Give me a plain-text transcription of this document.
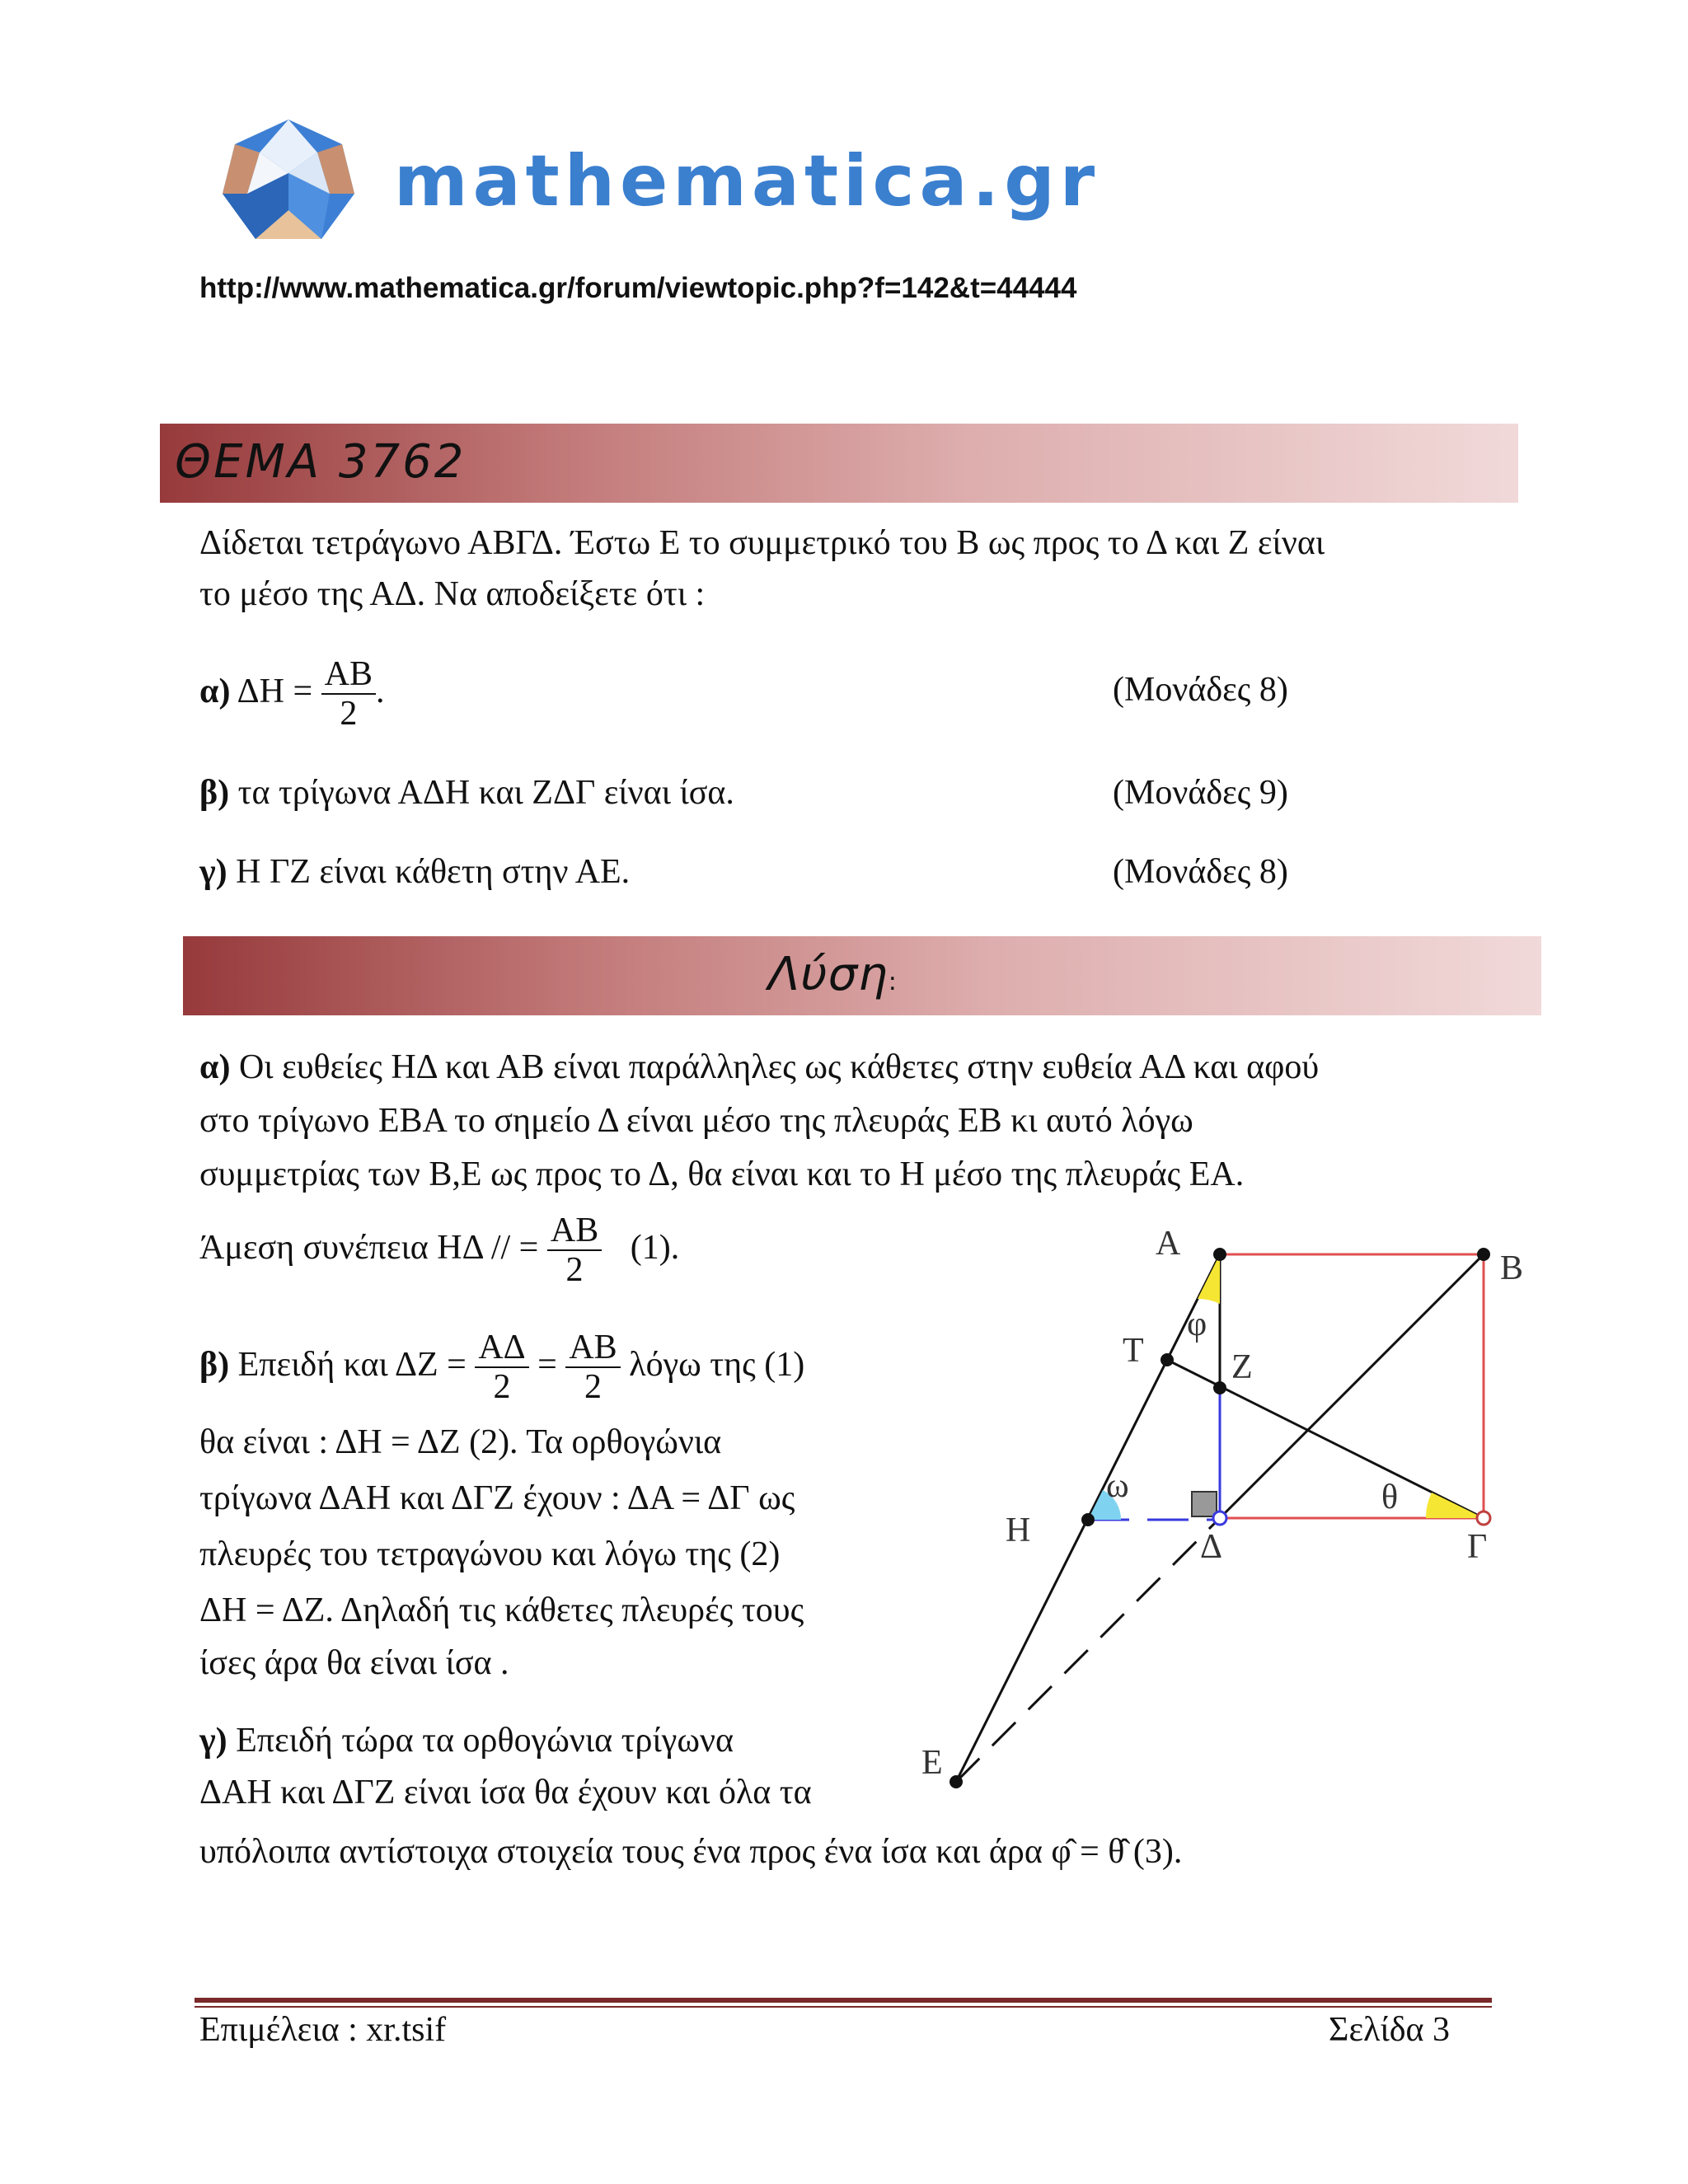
mathematica.gr
http://www.mathematica.gr/forum/viewtopic.php?f=142&t=44444
ΘΕΜΑ 3762
Δίδεται τετράγωνο ΑΒΓΔ. Έστω Ε το συμμετρικό του Β ως προς το Δ και Ζ είναι
το μέσο της ΑΔ. Να αποδείξετε ότι :
α) $\Delta H = \frac{AB}{2}$ .	(Μονάδες 8)
β) τα τρίγωνα ΑΔΗ και ΖΔΓ είναι ίσα.	(Μονάδες 9)
γ) Η ΓΖ είναι κάθετη στην ΑΕ.	(Μονάδες 8)
Λύση:
α) Οι ευθείες ΗΔ και ΑΒ είναι παράλληλες ως κάθετες στην ευθεία ΑΔ και αφού
στο τρίγωνο ΕΒΑ το σημείο Δ είναι μέσο της πλευράς ΕΒ κι αυτό λόγω
συμμετρίας των Β,Ε ως προς το Δ, θα είναι και το Η μέσο της πλευράς ΕΑ.
Άμεση συνέπεια ΗΔ // = $\frac{AB}{2} (1)$.
β) Επειδή και $\Delta Z = \frac{A\Delta}{2} = \frac{AB}{2}$ λόγω της (1)
θα είναι : ΔΗ = ΔΖ (2). Τα ορθογώνια
τρίγωνα ΔΑΗ και ΔΓΖ έχουν : ΔΑ = ΔΓ ως
πλευρές του τετραγώνου και λόγω της (2)
ΔΗ = ΔΖ. Δηλαδή τις κάθετες πλευρές τους
ίσες άρα θα είναι ίσα .
γ) Επειδή τώρα τα ορθογώνια τρίγωνα
ΔΑΗ και ΔΓΖ είναι ίσα θα έχουν και όλα τα
υπόλοιπα αντίστοιχα στοιχεία τους ένα προς ένα ίσα και άρα φ̂ = θ̂ (3).
Α
Β
Γ
Δ
Ζ
Τ
Η
Ε
φ
θ
ω
Επιμέλεια : xr.tsif	Σελίδα 3
